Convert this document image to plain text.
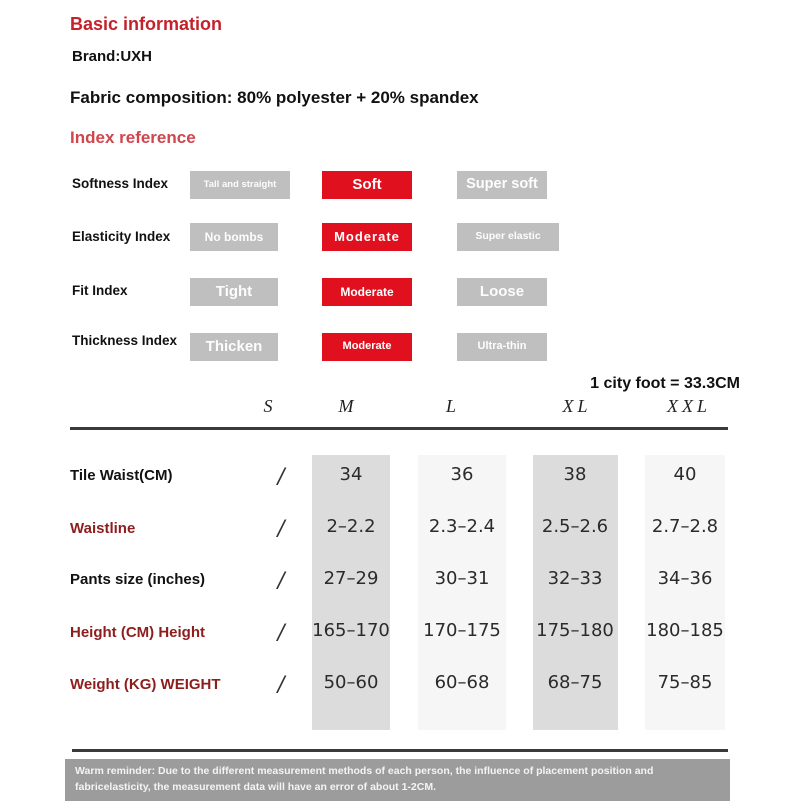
Basic information
Brand:UXH
Fabric composition: 80% polyester + 20% spandex
Index reference
Softness Index	Tall and straight	Soft	Super soft
Elasticity Index	No bombs	Moderate	Super elastic
Fit Index	Tight	Moderate	Loose
Thickness Index	Thicken	Moderate	Ultra-thin
1 city foot = 33.3CM
S	M	L	XL	XXL
Tile Waist(CM)	/	34	36	38	40
Waistline	/ 2–2.2	2.3–2.4	2.5–2.6 2.7–2.8
Pants size (inches)	/ 27–29	30–31	32–33	34–36
Height (CM) Height	/ 165–170 170–175 175–180 180–185
Weight (KG) WEIGHT	/ 50–60	60–68	68–75	75–85
Warm reminder: Due to the different measurement methods of each person, the influence of placement position and fabricelasticity, the measurement data will have an error of about 1-2CM.
